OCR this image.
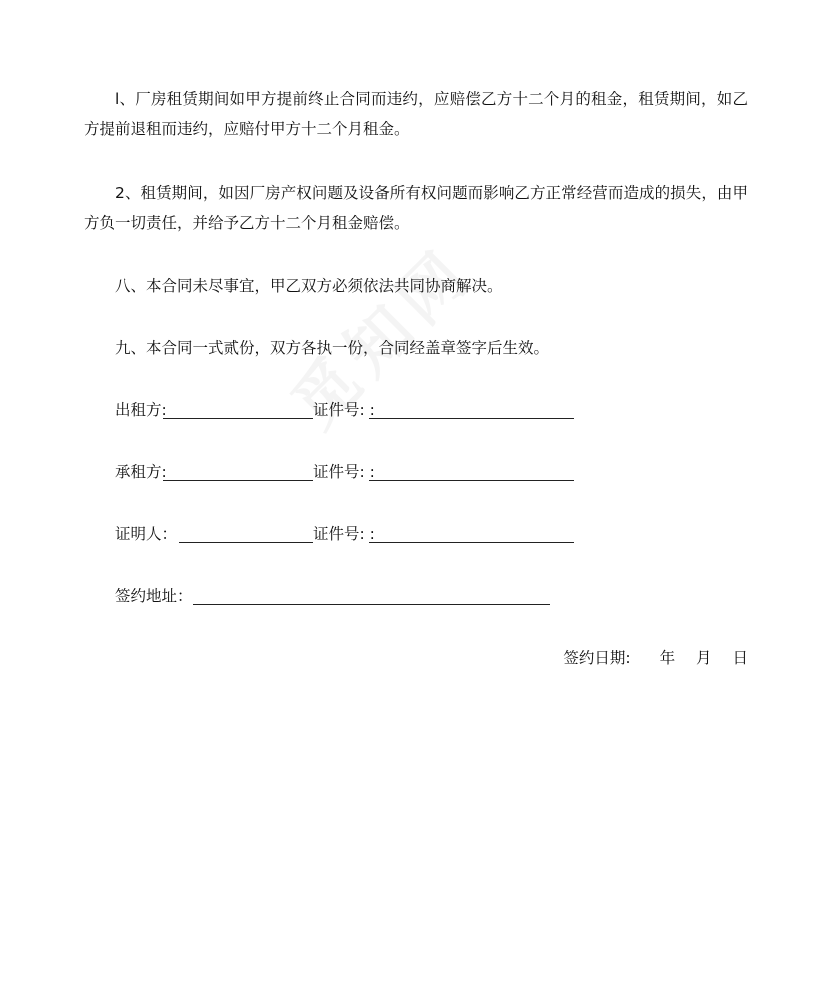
l、厂房租赁期间如甲方提前终止合同而违约，应赔偿乙方十二个月的租金，租赁期间，如乙方提前退租而违约，应赔付甲方十二个月租金。

2、租赁期间，如因厂房产权问题及设备所有权问题而影响乙方正常经营而造成的损失，由甲方负一切责任，并给予乙方十二个月租金赔偿。

八、本合同未尽事宜，甲乙双方必须依法共同协商解决。

九、本合同一式贰份，双方各执一份，合同经盖章签字后生效。

出租方:	证件号: :
承租方:	证件号: :
证明人：	证件号: :
签约地址：
签约日期: 年 月 日
